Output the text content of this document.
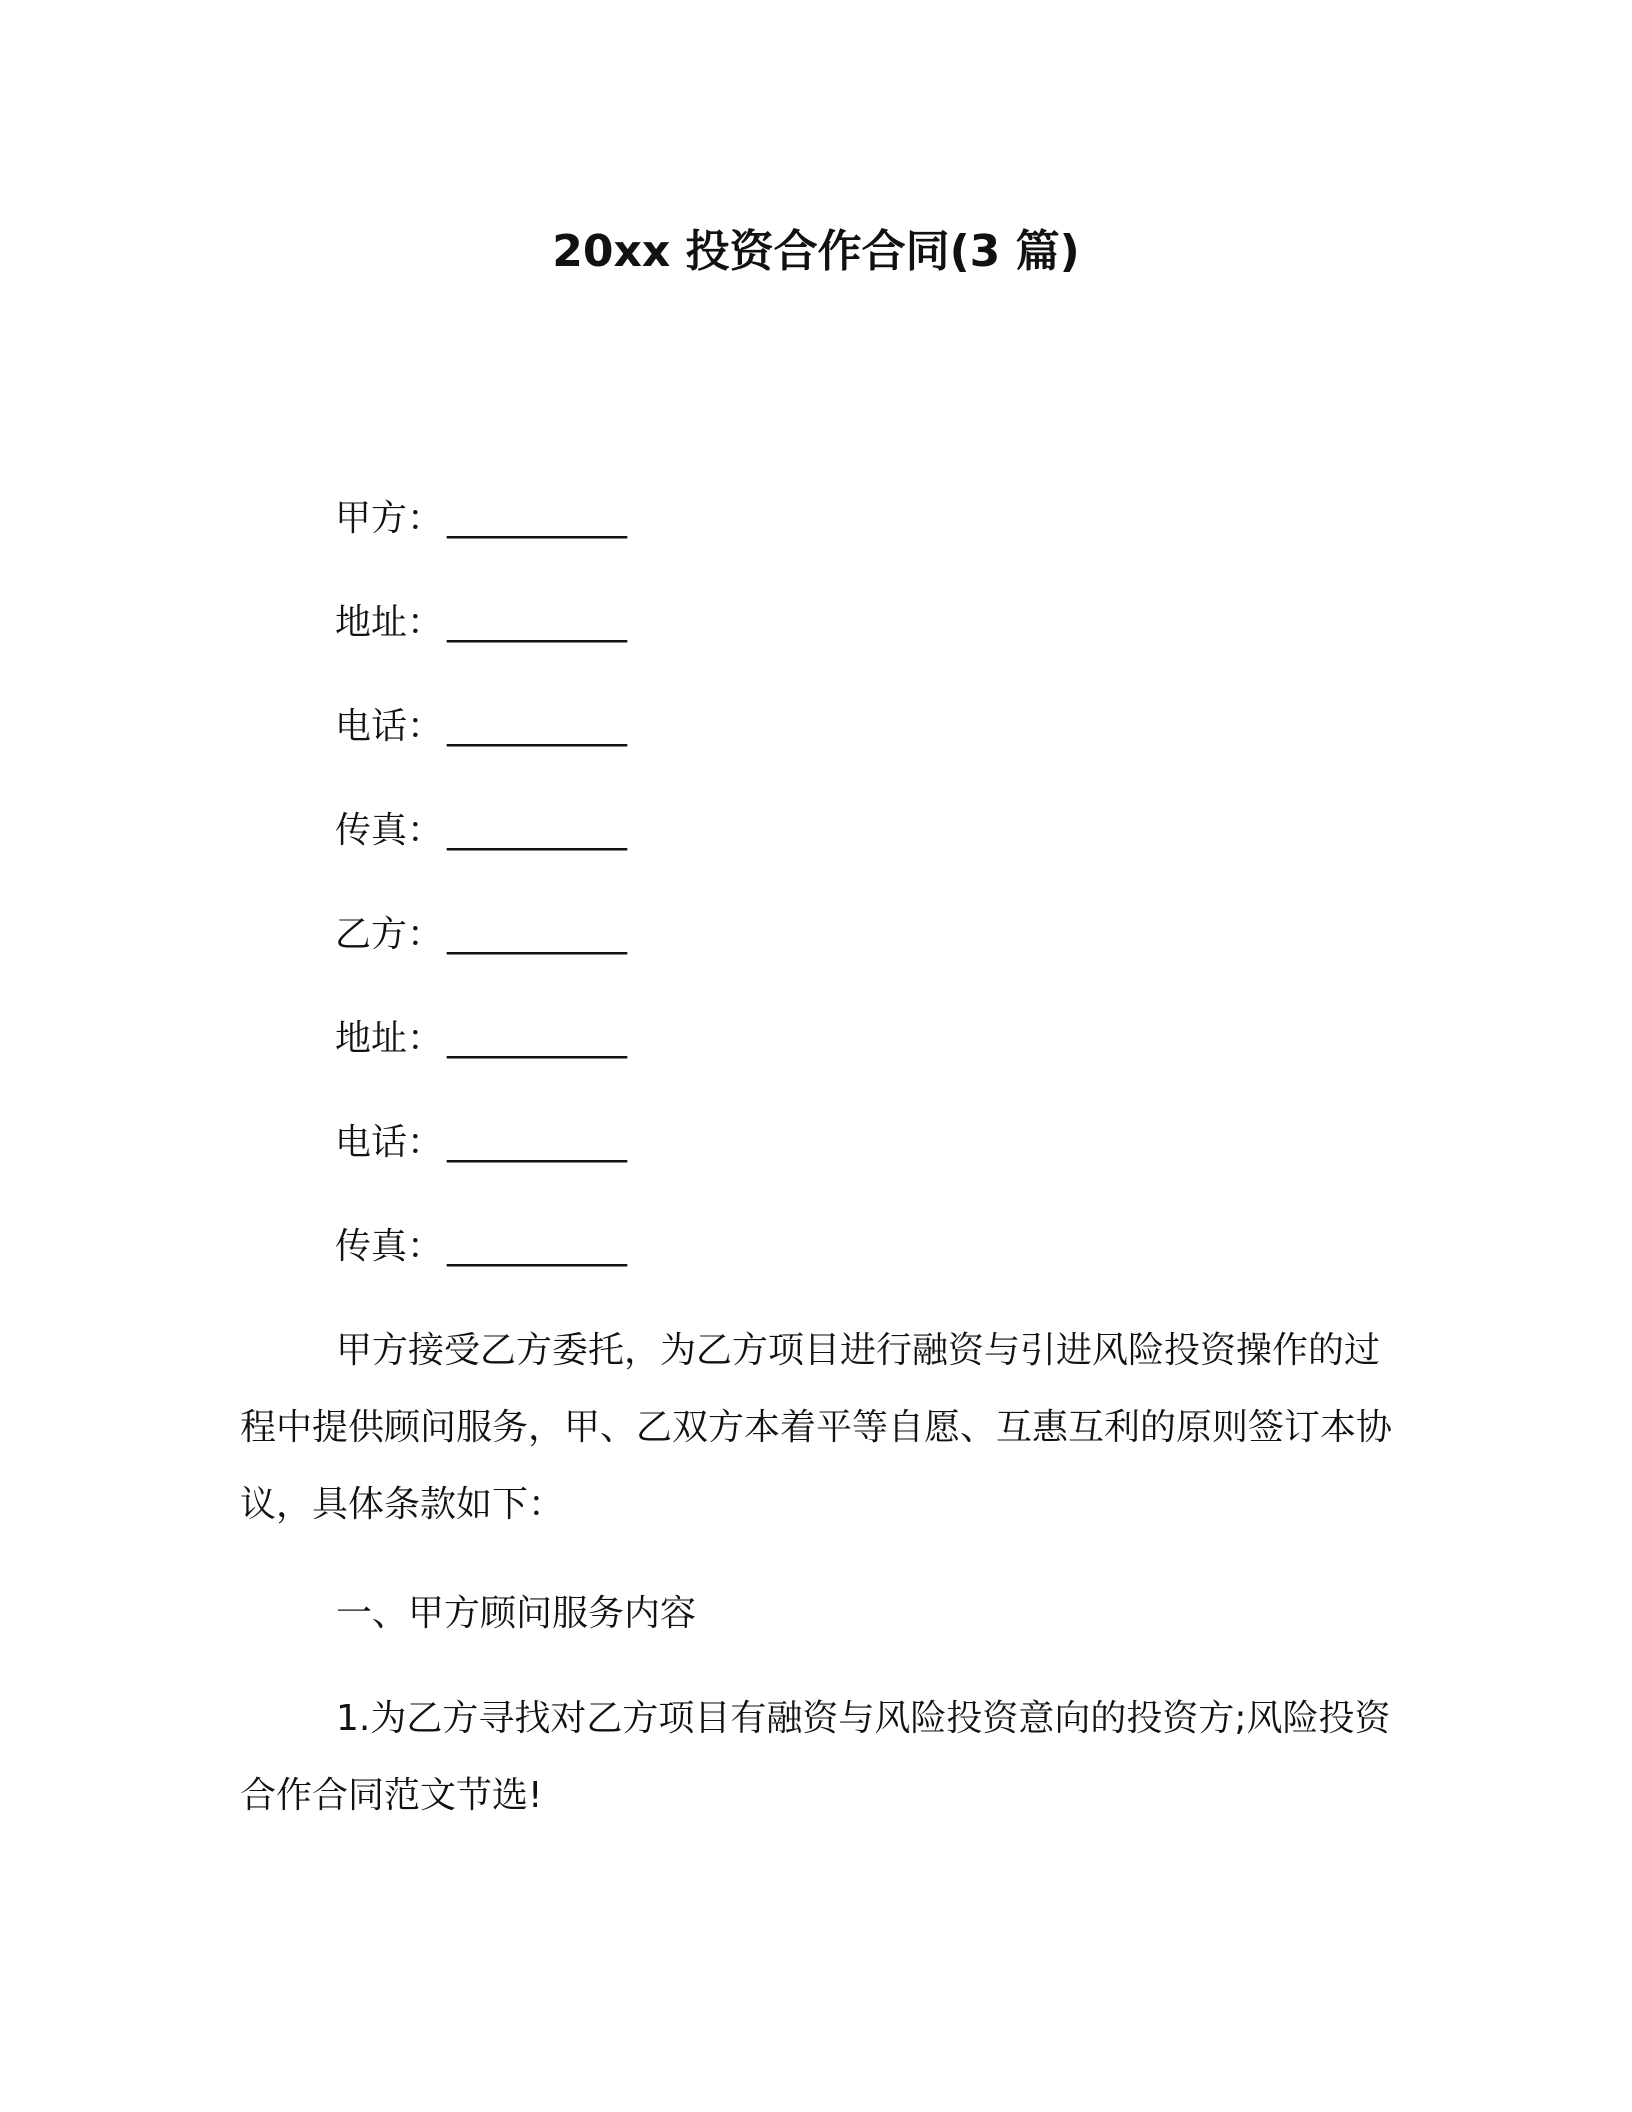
20xx 投资合作合同(3 篇)
甲方： __________
地址： __________
电话： __________
传真： __________
乙方： __________
地址： __________
电话： __________
传真： __________

甲方接受乙方委托，为乙方项目进行融资与引进风险投资操作的过程中提供顾问服务，甲、乙双方本着平等自愿、互惠互利的原则签订本协议，具体条款如下：

一、甲方顾问服务内容

1.为乙方寻找对乙方项目有融资与风险投资意向的投资方;风险投资合作合同范文节选!
